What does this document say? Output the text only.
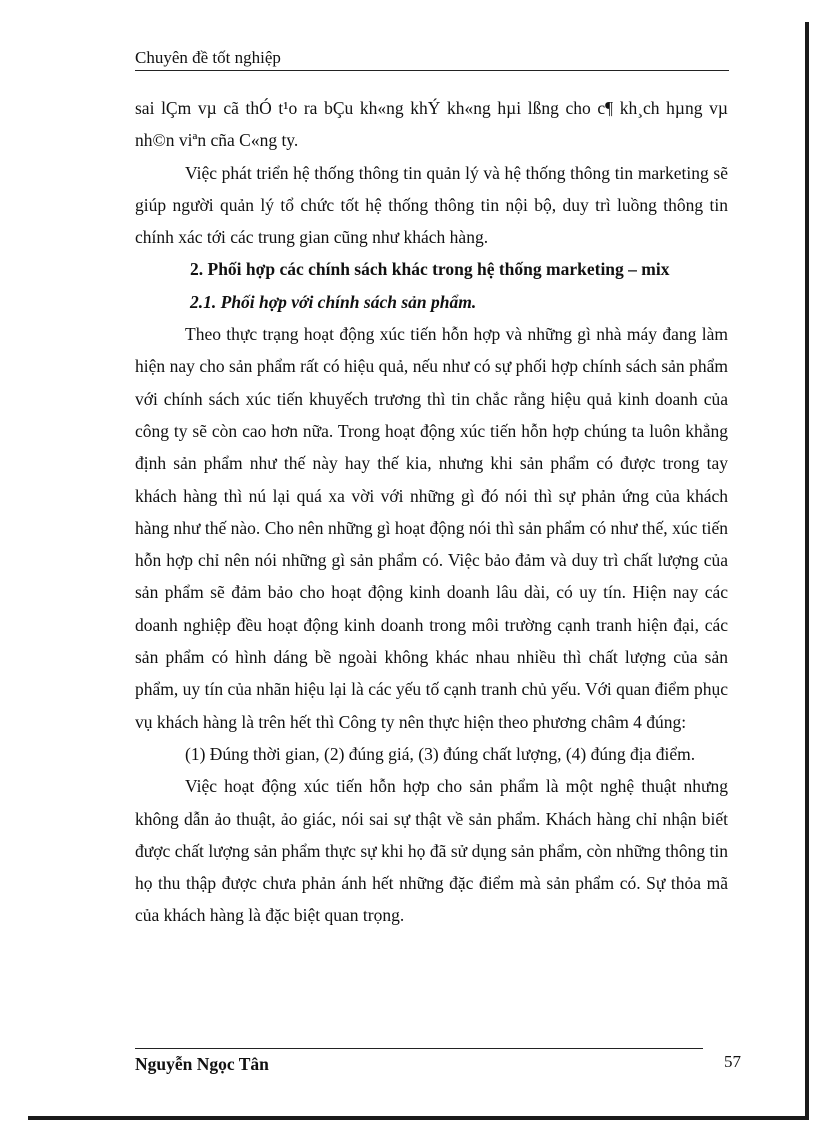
Chuyên đề tốt nghiệp

sai lÇm vµ cã thÓ t¹o ra bÇu kh«ng khÝ kh«ng hµi lßng cho c¶ kh¸ch hµng vµ nh©n viªn cña C«ng ty.

Việc phát triển hệ thống thông tin quản lý và hệ thống thông tin marketing sẽ giúp người quản lý tổ chức tốt hệ thống thông tin nội bộ, duy trì luồng thông tin chính xác tới các trung gian cũng như khách hàng.

2. Phối hợp các chính sách khác trong hệ thống marketing – mix

2.1. Phối hợp với chính sách sản phẩm.

Theo thực trạng hoạt động xúc tiến hỗn hợp và những gì nhà máy đang làm hiện nay cho sản phẩm rất có hiệu quả, nếu như có sự phối hợp chính sách sản phẩm với chính sách xúc tiến khuyếch trương thì tin chắc rằng hiệu quả kinh doanh của công ty sẽ còn cao hơn nữa. Trong hoạt động xúc tiến hỗn hợp chúng ta luôn khẳng định sản phẩm như thế này hay thế kia, nhưng khi sản phẩm có được trong tay khách hàng thì nú lại quá xa vời với những gì đó nói thì sự phản ứng của khách hàng như thế nào. Cho nên những gì hoạt động nói thì sản phẩm có như thế, xúc tiến hỗn hợp chỉ nên nói những gì sản phẩm có. Việc bảo đảm và duy trì chất lượng của sản phẩm sẽ đảm bảo cho hoạt động kinh doanh lâu dài, có uy tín. Hiện nay các doanh nghiệp đều hoạt động kinh doanh trong môi trường cạnh tranh hiện đại, các sản phẩm có hình dáng bề ngoài không khác nhau nhiều thì chất lượng của sản phẩm, uy tín của nhãn hiệu lại là các yếu tố cạnh tranh chủ yếu. Với quan điểm phục vụ khách hàng là trên hết thì Công ty nên thực hiện theo phương châm 4 đúng:

(1) Đúng thời gian, (2) đúng giá, (3) đúng chất lượng, (4) đúng địa điểm.

Việc hoạt động xúc tiến hỗn hợp cho sản phẩm là một nghệ thuật nhưng không dẫn ảo thuật, ảo giác, nói sai sự thật về sản phẩm. Khách hàng chỉ nhận biết được chất lượng sản phẩm thực sự khi họ đã sử dụng sản phẩm, còn những thông tin họ thu thập được chưa phản ánh hết những đặc điểm mà sản phẩm có. Sự thỏa mã của khách hàng là đặc biệt quan trọng.

Nguyễn Ngọc Tân	57
